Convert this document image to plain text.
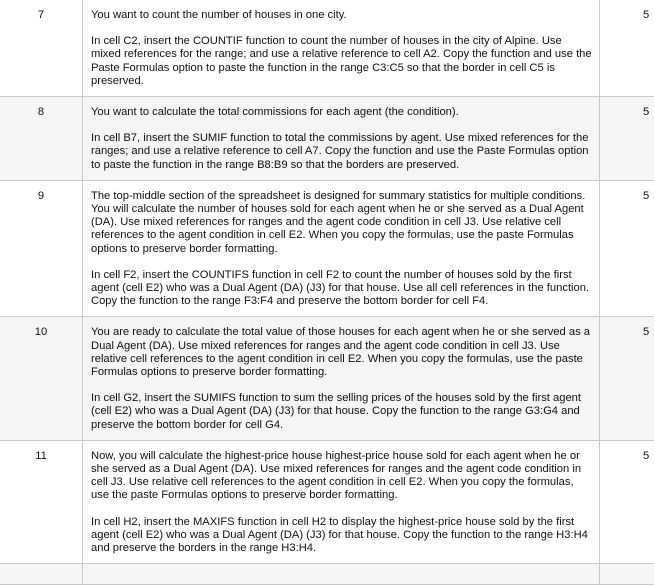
7	You want to count the number of houses in one city.

In cell C2, insert the COUNTIF function to count the number of houses in the city of Alpine. Use mixed references for the range; and use a relative reference to cell A2. Copy the function and use the Paste Formulas option to paste the function in the range C3:C5 so that the border in cell C5 is preserved.	5

8	You want to calculate the total commissions for each agent (the condition).

In cell B7, insert the SUMIF function to total the commissions by agent. Use mixed references for the ranges; and use a relative reference to cell A7. Copy the function and use the Paste Formulas option to paste the function in the range B8:B9 so that the borders are preserved.	5

9	The top-middle section of the spreadsheet is designed for summary statistics for multiple conditions. You will calculate the number of houses sold for each agent when he or she served as a Dual Agent (DA). Use mixed references for ranges and the agent code condition in cell J3. Use relative cell references to the agent condition in cell E2. When you copy the formulas, use the paste Formulas options to preserve border formatting.

In cell F2, insert the COUNTIFS function in cell F2 to count the number of houses sold by the first agent (cell E2) who was a Dual Agent (DA) (J3) for that house. Use all cell references in the function. Copy the function to the range F3:F4 and preserve the bottom border for cell F4.	5

10	You are ready to calculate the total value of those houses for each agent when he or she served as a Dual Agent (DA). Use mixed references for ranges and the agent code condition in cell J3. Use relative cell references to the agent condition in cell E2. When you copy the formulas, use the paste Formulas options to preserve border formatting.

In cell G2, insert the SUMIFS function to sum the selling prices of the houses sold by the first agent (cell E2) who was a Dual Agent (DA) (J3) for that house. Copy the function to the range G3:G4 and preserve the bottom border for cell G4.	5

11	Now, you will calculate the highest-price house highest-price house sold for each agent when he or she served as a Dual Agent (DA). Use mixed references for ranges and the agent code condition in cell J3. Use relative cell references to the agent condition in cell E2. When you copy the formulas, use the paste Formulas options to preserve border formatting.

In cell H2, insert the MAXIFS function in cell H2 to display the highest-price house sold by the first agent (cell E2) who was a Dual Agent (DA) (J3) for that house. Copy the function to the range H3:H4 and preserve the borders in the range H3:H4.	5
